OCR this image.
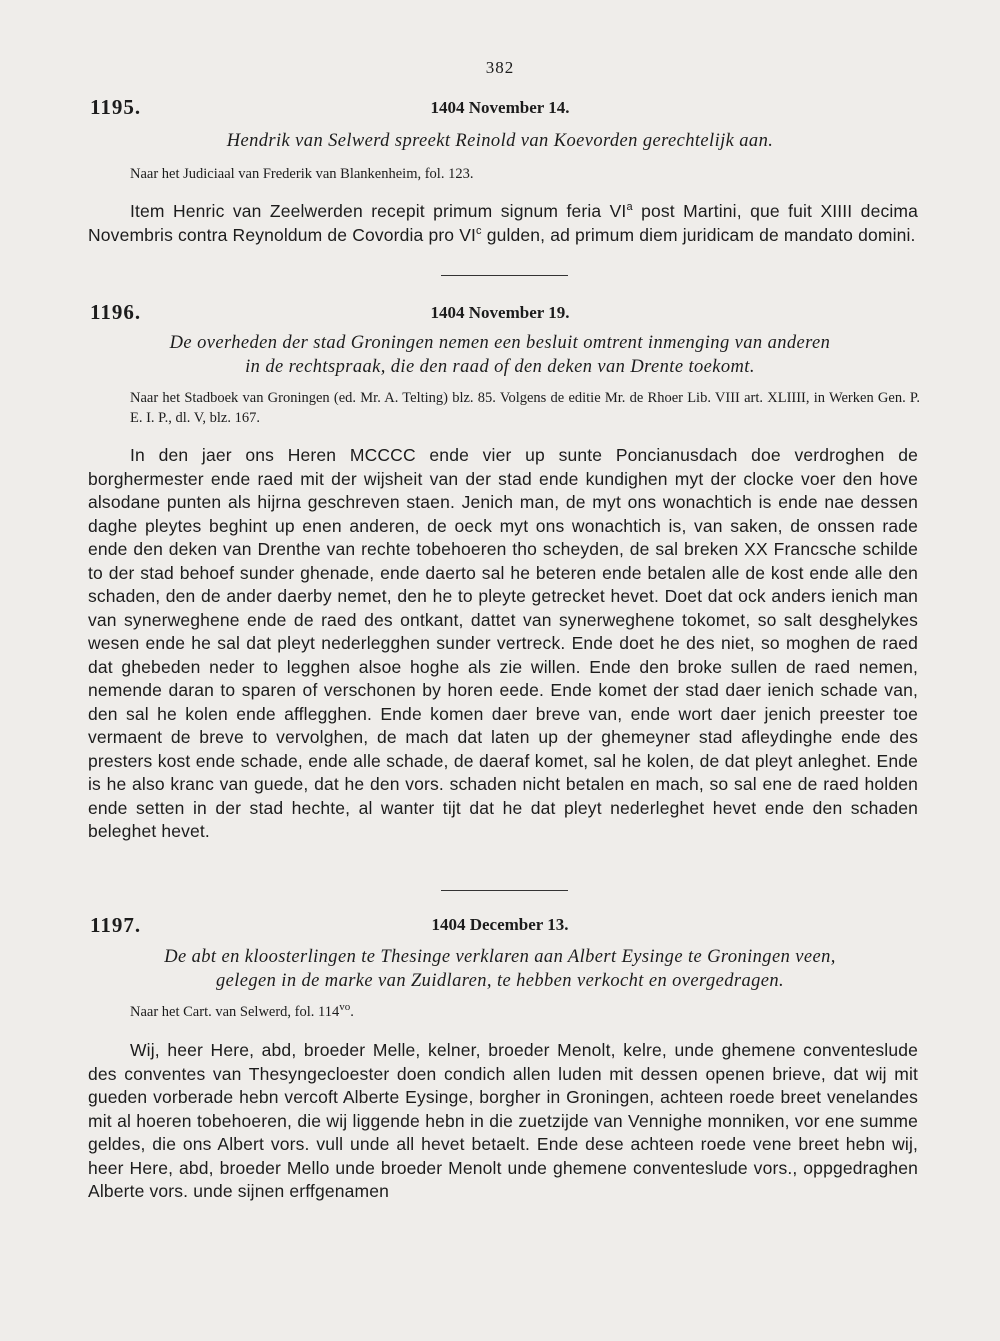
382
1195.	1404 November 14.
Hendrik van Selwerd spreekt Reinold van Koevorden gerechtelijk aan.
Naar het Judiciaal van Frederik van Blankenheim, fol. 123.
Item Henric van Zeelwerden recepit primum signum feria $VI^a$ post Martini, que fuit XIIII decima Novembris contra Reynoldum de Covordia pro $VI^c$ gulden, ad primum diem juridicam de mandato domini.
1196.	1404 November 19.
De overheden der stad Groningen nemen een besluit omtrent inmenging van anderen
in de rechtspraak, die den raad of den deken van Drente toekomt.
Naar het Stadboek van Groningen (ed. Mr. A. Telting) blz. 85. Volgens de editie Mr. de Rhoer Lib. VIII art. XLIIII, in Werken Gen. P. E. I. P., dl. V, blz. 167.
In den jaer ons Heren MCCCC ende vier up sunte Poncianusdach doe verdroghen de borghermester ende raed mit der wijsheit van der stad ende kundighen myt der clocke voer den hove alsodane punten als hijrna geschreven staen. Jenich man, de myt ons wonachtich is ende nae dessen daghe pleytes beghint up enen anderen, de oeck myt ons wonachtich is, van saken, de onssen rade ende den deken van Drenthe van rechte tobehoeren tho scheyden, de sal breken XX Francsche schilde to der stad behoef sunder ghenade, ende daerto sal he beteren ende betalen alle de kost ende alle den schaden, den de ander daerby nemet, den he to pleyte getrecket hevet. Doet dat ock anders ienich man van synerweghene ende de raed des ontkant, dattet van synerweghene tokomet, so salt desghelykes wesen ende he sal dat pleyt nederlegghen sunder vertreck. Ende doet he des niet, so moghen de raed dat ghebeden neder to legghen alsoe hoghe als zie willen. Ende den broke sullen de raed nemen, nemende daran to sparen of verschonen by horen eede. Ende komet der stad daer ienich schade van, den sal he kolen ende afflegghen. Ende komen daer breve van, ende wort daer jenich preester toe vermaent de breve to vervolghen, de mach dat laten up der ghemeyner stad afleydinghe ende des presters kost ende schade, ende alle schade, de daeraf komet, sal he kolen, de dat pleyt anleghet. Ende is he also kranc van guede, dat he den vors. schaden nicht betalen en mach, so sal ene de raed holden ende setten in der stad hechte, al wanter tijt dat he dat pleyt nederleghet hevet ende den schaden beleghet hevet.
1197.	1404 December 13.
De abt en kloosterlingen te Thesinge verklaren aan Albert Eysinge te Groningen veen,
gelegen in de marke van Zuidlaren, te hebben verkocht en overgedragen.
Naar het Cart. van Selwerd, fol. $114^{vo}$.
Wij, heer Here, abd, broeder Melle, kelner, broeder Menolt, kelre, unde ghemene conventeslude des conventes van Thesyngecloester doen condich allen luden mit dessen openen brieve, dat wij mit gueden vorberade hebn vercoft Alberte Eysinge, borgher in Groningen, achteen roede breet venelandes mit al hoeren tobehoeren, die wij liggende hebn in die zuetzijde van Vennighe monniken, vor ene summe geldes, die ons Albert vors. vull unde all hevet betaelt. Ende dese achteen roede vene breet hebn wij, heer Here, abd, broeder Mello unde broeder Menolt unde ghemene conventeslude vors., oppgedraghen Alberte vors. unde sijnen erffgenamen
